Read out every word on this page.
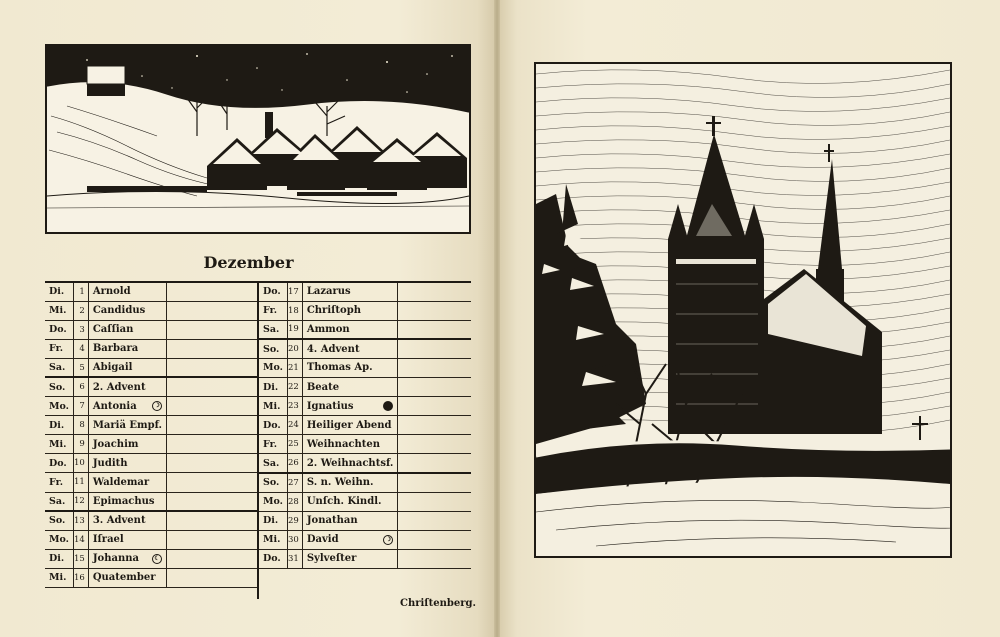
Dezember
Di.	1	Arnold	
Mi.	2	Candidus	
Do.	3	Caſſian	
Fr.	4	Barbara	
Sa.	5	Abigail	
So.	6	2. Advent	
Mo.	7	Antonia ☽	

Di.	8	Mariä Empf.	
Mi.	9	Joachim	
Do.	10	Judith	
Fr.	11	Waldemar	
Sa.	12	Epimachus	
So.	13	3. Advent	
Mo.	14	Iſrael	
Di.	15	Johanna ☾	

Mi.	16	Quatember	
Do.	17	Lazarus	
Fr.	18	Chriſtoph	
Sa.	19	Ammon	
So.	20	4. Advent	
Mo.	21	Thomas Ap.	
Di.	22	Beate	
Mi.	23	Ignatius

Do.	24	Heiliger Abend	
Fr.	25	Weihnachten	
Sa.	26	2. Weihnachtsf.	
So.	27	S. n. Weihn.	
Mo.	28	Unſch. Kindl.	
Di.	29	Jonathan	
Mi.	30	David ☽	

Do.	31	Sylveſter	
Chriſtenberg.
